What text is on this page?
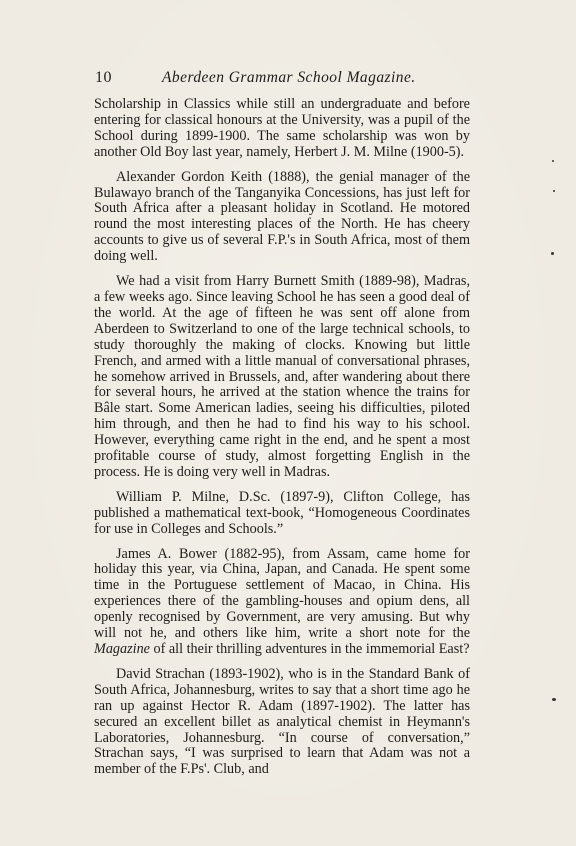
10	Aberdeen Grammar School Magazine.

Scholarship in Classics while still an undergraduate and before entering for classical honours at the University, was a pupil of the School during 1899-1900. The same scholarship was won by another Old Boy last year, namely, Herbert J. M. Milne (1900-5).

Alexander Gordon Keith (1888), the genial manager of the Bulawayo branch of the Tanganyika Concessions, has just left for South Africa after a pleasant holiday in Scotland. He motored round the most interesting places of the North. He has cheery accounts to give us of several F.P.'s in South Africa, most of them doing well.

We had a visit from Harry Burnett Smith (1889-98), Madras, a few weeks ago. Since leaving School he has seen a good deal of the world. At the age of fifteen he was sent off alone from Aberdeen to Switzerland to one of the large technical schools, to study thoroughly the making of clocks. Knowing but little French, and armed with a little manual of conversational phrases, he somehow arrived in Brussels, and, after wandering about there for several hours, he arrived at the station whence the trains for Bâle start. Some American ladies, seeing his difficulties, piloted him through, and then he had to find his way to his school. However, everything came right in the end, and he spent a most profitable course of study, almost forgetting English in the process. He is doing very well in Madras.

William P. Milne, D.Sc. (1897-9), Clifton College, has published a mathematical text-book, “Homogeneous Coordinates for use in Colleges and Schools.”

James A. Bower (1882-95), from Assam, came home for holiday this year, via China, Japan, and Canada. He spent some time in the Portuguese settlement of Macao, in China. His experiences there of the gambling-houses and opium dens, all openly recognised by Government, are very amusing. But why will not he, and others like him, write a short note for the Magazine of all their thrilling adventures in the immemorial East?

David Strachan (1893-1902), who is in the Standard Bank of South Africa, Johannesburg, writes to say that a short time ago he ran up against Hector R. Adam (1897-1902). The latter has secured an excellent billet as analytical chemist in Heymann's Laboratories, Johannesburg. “In course of conversation,” Strachan says, “I was surprised to learn that Adam was not a member of the F.Ps'. Club, and
